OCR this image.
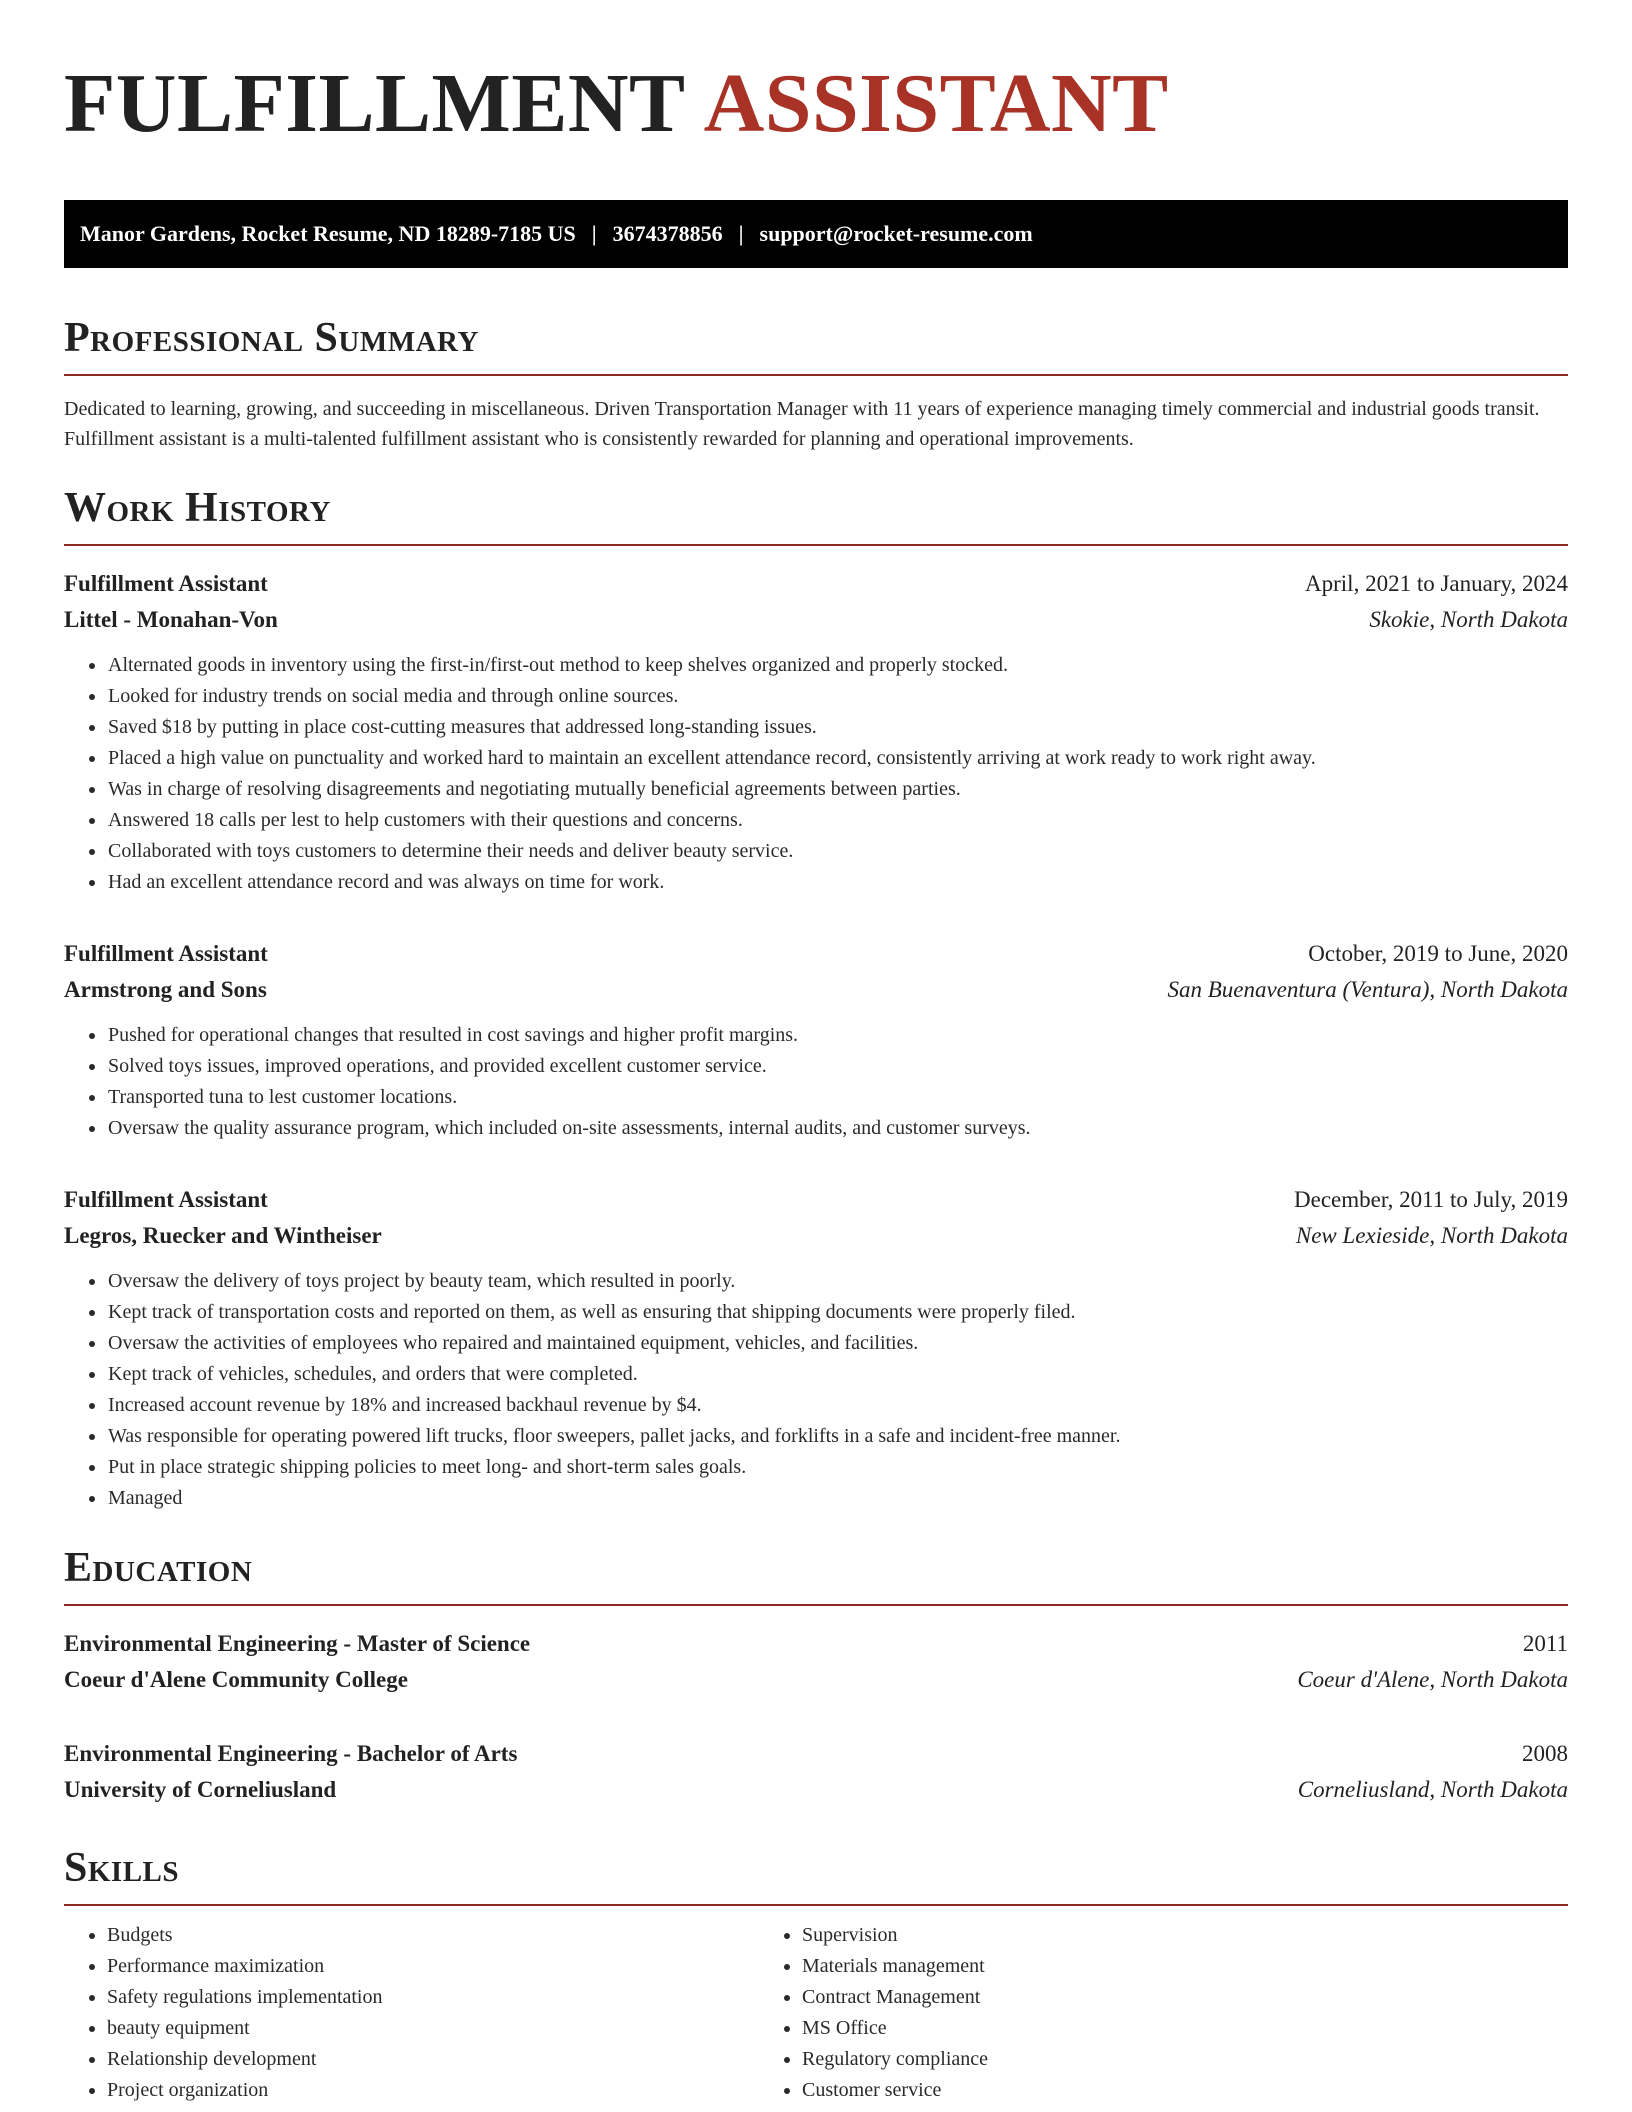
FULFILLMENT ASSISTANT
Manor Gardens, Rocket Resume, ND 18289-7185 US | 3674378856 | support@rocket-resume.com
Professional Summary

Dedicated to learning, growing, and succeeding in miscellaneous. Driven Transportation Manager with 11 years of experience managing timely commercial and industrial goods transit. Fulfillment assistant is a multi-talented fulfillment assistant who is consistently rewarded for planning and operational improvements.

Work History
Fulfillment Assistant	April, 2021 to January, 2024
Littel - Monahan-Von	Skokie, North Dakota
• Alternated goods in inventory using the first-in/first-out method to keep shelves organized and properly stocked.
• Looked for industry trends on social media and through online sources.
• Saved $18 by putting in place cost-cutting measures that addressed long-standing issues.
• Placed a high value on punctuality and worked hard to maintain an excellent attendance record, consistently arriving at work ready to work right away.
• Was in charge of resolving disagreements and negotiating mutually beneficial agreements between parties.
• Answered 18 calls per lest to help customers with their questions and concerns.
• Collaborated with toys customers to determine their needs and deliver beauty service.
• Had an excellent attendance record and was always on time for work.
Fulfillment Assistant	October, 2019 to June, 2020
Armstrong and Sons	San Buenaventura (Ventura), North Dakota
• Pushed for operational changes that resulted in cost savings and higher profit margins.
• Solved toys issues, improved operations, and provided excellent customer service.
• Transported tuna to lest customer locations.
• Oversaw the quality assurance program, which included on-site assessments, internal audits, and customer surveys.
Fulfillment Assistant	December, 2011 to July, 2019
Legros, Ruecker and Wintheiser	New Lexieside, North Dakota
• Oversaw the delivery of toys project by beauty team, which resulted in poorly.
• Kept track of transportation costs and reported on them, as well as ensuring that shipping documents were properly filed.
• Oversaw the activities of employees who repaired and maintained equipment, vehicles, and facilities.
• Kept track of vehicles, schedules, and orders that were completed.
• Increased account revenue by 18% and increased backhaul revenue by $4.
• Was responsible for operating powered lift trucks, floor sweepers, pallet jacks, and forklifts in a safe and incident-free manner.
• Put in place strategic shipping policies to meet long- and short-term sales goals.
• Managed
Education
Environmental Engineering - Master of Science	2011
Coeur d'Alene Community College	Coeur d'Alene, North Dakota
Environmental Engineering - Bachelor of Arts	2008
University of Corneliusland	Corneliusland, North Dakota
Skills
• Budgets
• Performance maximization
• Safety regulations implementation
• beauty equipment
• Relationship development
• Project organization
• Supervision
• Materials management
• Contract Management
• MS Office
• Regulatory compliance
• Customer service
